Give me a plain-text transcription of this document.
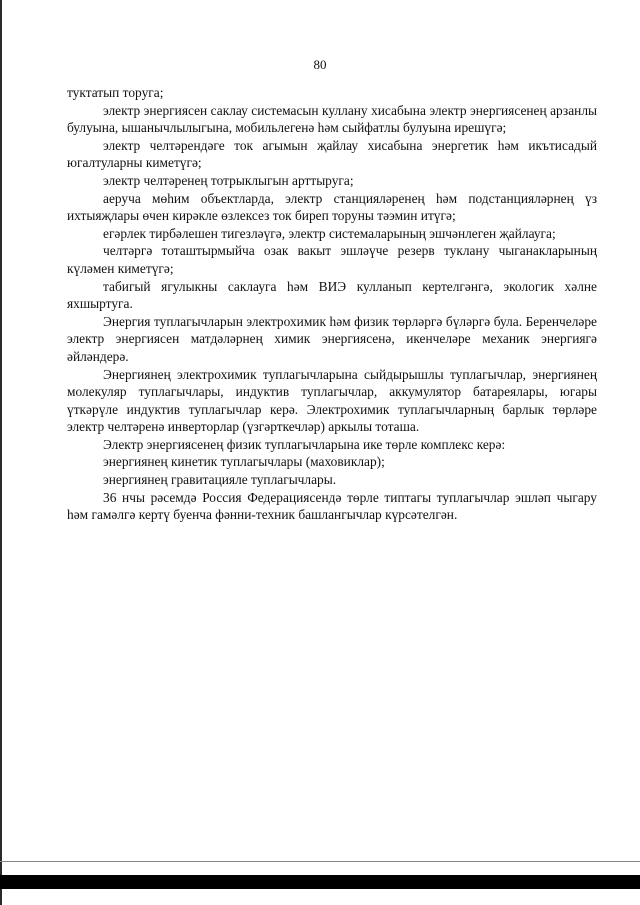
80

туктатып торуга;

электр энергиясен саклау системасын куллану хисабына электр энергиясенең арзанлы булуына, ышанычлылыгына, мобильлегенә һәм сыйфатлы булуына ирешүгә;

электр челтәрендәге ток агымын җайлау хисабына энергетик һәм икътисадый югалтуларны киметүгә;

электр челтәренең тотрыклыгын арттыруга;

аеруча мөһим объектларда, электр станцияләренең һәм подстанцияләрнең үз ихтыяҗлары өчен кирәкле өзлексез ток биреп торуны тәэмин итүгә;

егәрлек тирбәлешен тигезләүгә, электр системаларының эшчәнлеген җайлауга;

челтәргә тоташтырмыйча озак вакыт эшләүче резерв туклану чыганакларының күләмен киметүгә;

табигый ягулыкны саклауга һәм ВИЭ кулланып кертелгәнгә, экологик хәлне яхшыртуга.

Энергия туплагычларын электрохимик һәм физик төрләргә бүләргә була. Беренчеләре электр энергиясен матдәләрнең химик энергиясенә, икенчеләре механик энергиягә әйләндерә.

Энергиянең электрохимик туплагычларына сыйдырышлы туплагычлар, энергиянең молекуляр туплагычлары, индуктив туплагычлар, аккумулятор батареялары, югары үткәрүле индуктив туплагычлар керә. Электрохимик туплагычларның барлык төрләре электр челтәренә инверторлар (үзгәрткечләр) аркылы тоташа.

Электр энергиясенең физик туплагычларына ике төрле комплекс керә:

энергиянең кинетик туплагычлары (маховиклар);

энергиянең гравитацияле туплагычлары.

36 нчы рәсемдә Россия Федерациясендә төрле типтагы туплагычлар эшләп чыгару һәм гамәлгә кертү буенча фәнни-техник башлангычлар күрсәтелгән.
